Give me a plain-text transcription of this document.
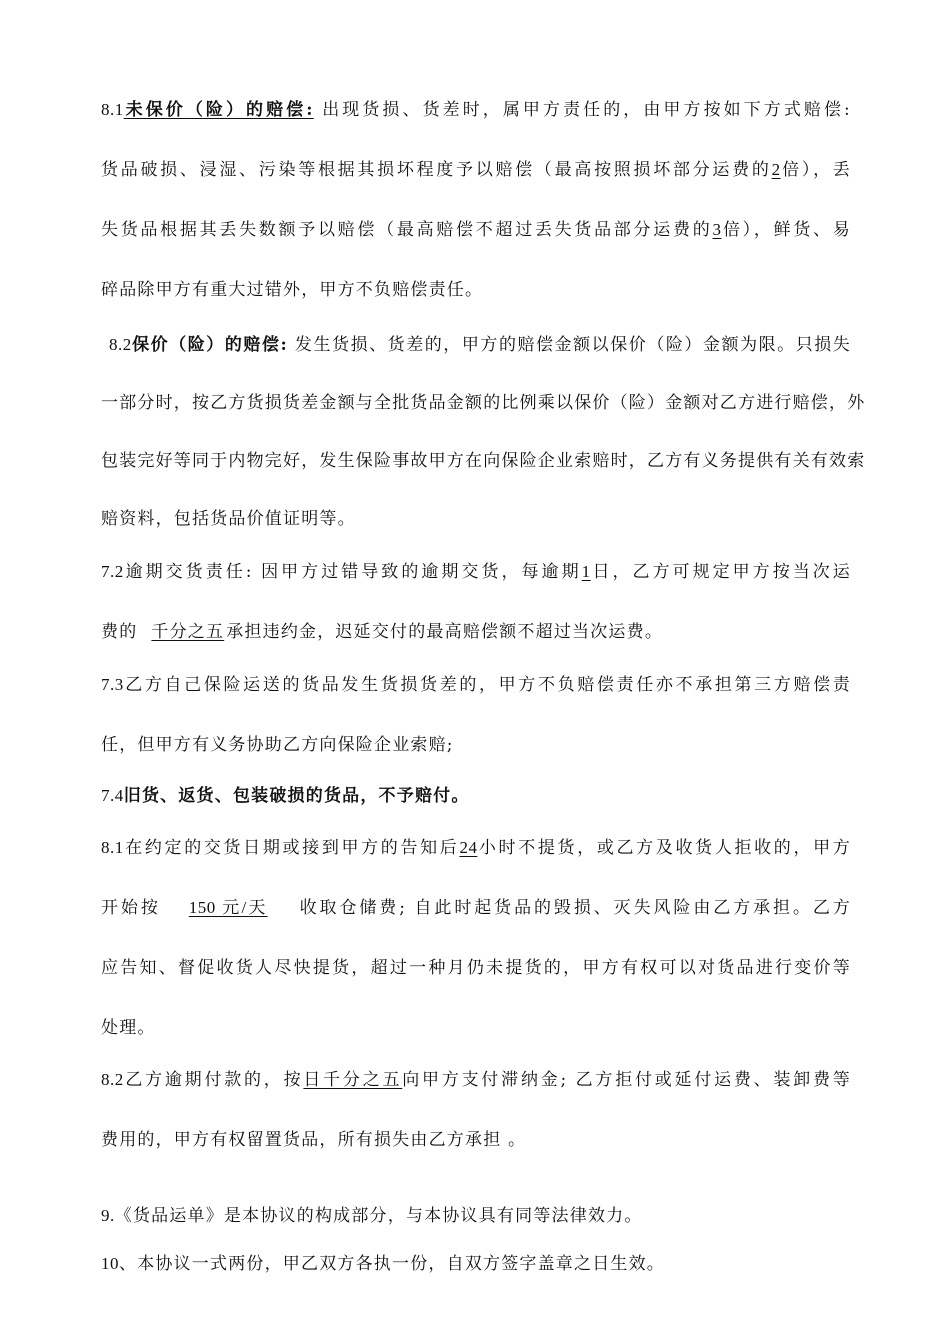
8.1未保价（险）的赔偿: 出现货损、货差时，属甲方责任的，由甲方按如下方式赔偿:
货品破损、浸湿、污染等根据其损坏程度予以赔偿（最高按照损坏部分运费的2倍），丢
失货品根据其丢失数额予以赔偿（最高赔偿不超过丢失货品部分运费的3倍），鲜货、易
碎品除甲方有重大过错外，甲方不负赔偿责任。
8.2保价（险）的赔偿: 发生货损、货差的，甲方的赔偿金额以保价（险）金额为限。只损失
一部分时，按乙方货损货差金额与全批货品金额的比例乘以保价（险）金额对乙方进行赔偿，外
包装完好等同于内物完好，发生保险事故甲方在向保险企业索赔时，乙方有义务提供有关有效索
赔资料，包括货品价值证明等。
7.2逾期交货责任: 因甲方过错导致的逾期交货，每逾期1日，乙方可规定甲方按当次运
费的 千分之五 承担违约金，迟延交付的最高赔偿额不超过当次运费。
7.3乙方自己保险运送的货品发生货损货差的，甲方不负赔偿责任亦不承担第三方赔偿责
任，但甲方有义务协助乙方向保险企业索赔;
7.4旧货、返货、包装破损的货品，不予赔付。
8.1在约定的交货日期或接到甲方的告知后24小时不提货，或乙方及收货人拒收的，甲方
开始按 150 元/天 收取仓储费; 自此时起货品的毁损、灭失风险由乙方承担。乙方
应告知、督促收货人尽快提货，超过一种月仍未提货的，甲方有权可以对货品进行变价等
处理。
8.2乙方逾期付款的，按日千分之五向甲方支付滞纳金; 乙方拒付或延付运费、装卸费等
费用的，甲方有权留置货品，所有损失由乙方承担 。
9.《货品运单》是本协议的构成部分，与本协议具有同等法律效力。
10、本协议一式两份，甲乙双方各执一份，自双方签字盖章之日生效。
